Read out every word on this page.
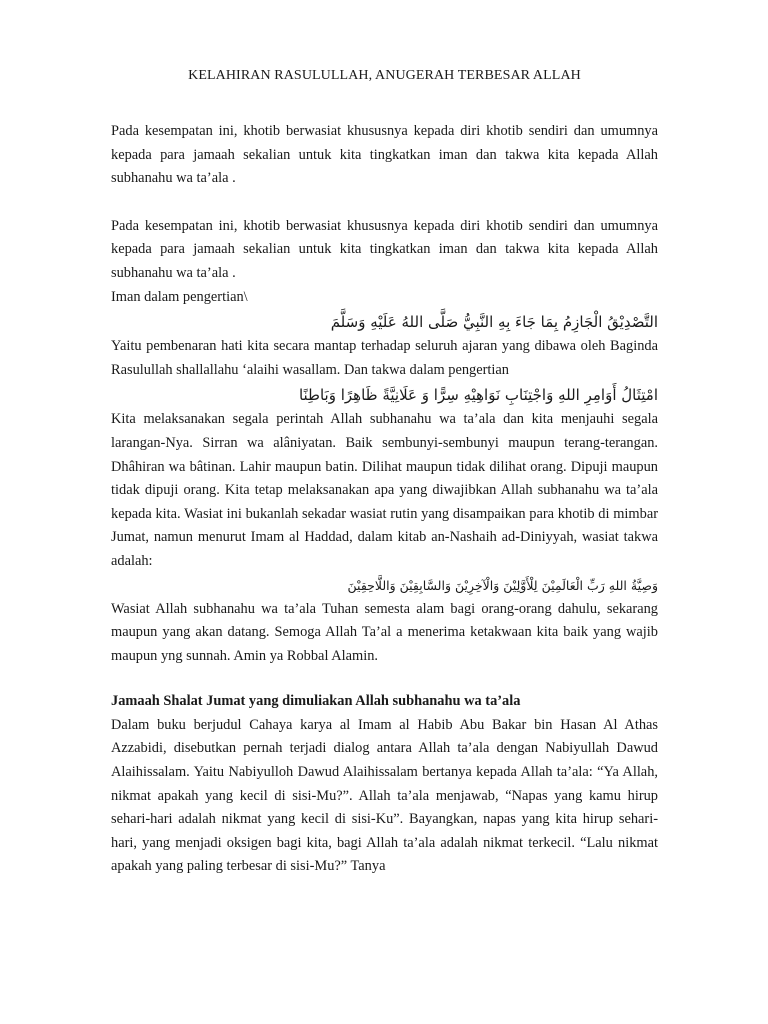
KELAHIRAN RASULULLAH, ANUGERAH TERBESAR ALLAH

Pada kesempatan ini, khotib berwasiat khususnya kepada diri khotib sendiri dan umumnya kepada para jamaah sekalian untuk kita tingkatkan iman dan takwa kita kepada Allah subhanahu wa ta’ala .

Pada kesempatan ini, khotib berwasiat khususnya kepada diri khotib sendiri dan umumnya kepada para jamaah sekalian untuk kita tingkatkan iman dan takwa kita kepada Allah subhanahu wa ta’ala .

Iman dalam pengertian\

التَّصْدِيْقُ الْجَازِمُ بِمَا جَاءَ بِهِ النَّبِيُّ صَلَّى اللهُ عَلَيْهِ وَسَلَّمَ

Yaitu pembenaran hati kita secara mantap terhadap seluruh ajaran yang dibawa oleh Baginda Rasulullah shallallahu ‘alaihi wasallam. Dan takwa dalam pengertian

امْتِثَالُ أَوَامِرِ اللهِ وَاجْتِنَابِ نَوَاهِيْهِ سِرًّا وَ عَلَانِيَّةً ظَاهِرًا وَبَاطِنًا

Kita melaksanakan segala perintah Allah subhanahu wa ta’ala dan kita menjauhi segala larangan-Nya. Sirran wa alâniyatan. Baik sembunyi-sembunyi maupun terang-terangan. Dhâhiran wa bâtinan. Lahir maupun batin. Dilihat maupun tidak dilihat orang. Dipuji maupun tidak dipuji orang. Kita tetap melaksanakan apa yang diwajibkan Allah subhanahu wa ta’ala kepada kita. Wasiat ini bukanlah sekadar wasiat rutin yang disampaikan para khotib di mimbar Jumat, namun menurut Imam al Haddad, dalam kitab an-Nashaih ad-Diniyyah, wasiat takwa adalah:

وَصِيَّةُ اللهِ رَبِّ الْعَالَمِيْنَ لِلْأَوَّلِيْنَ وَالْآخِرِيْنَ وَالسَّابِقِيْنَ وَاللَّاحِقِيْنَ

Wasiat Allah subhanahu wa ta’ala Tuhan semesta alam bagi orang-orang dahulu, sekarang maupun yang akan datang. Semoga Allah Ta’al a menerima ketakwaan kita baik yang wajib maupun yng sunnah. Amin ya Robbal Alamin.

Jamaah Shalat Jumat yang dimuliakan Allah subhanahu wa ta’ala

Dalam buku berjudul Cahaya karya al Imam al Habib Abu Bakar bin Hasan Al Athas Azzabidi, disebutkan pernah terjadi dialog antara Allah ta’ala dengan Nabiyullah Dawud Alaihissalam. Yaitu Nabiyulloh Dawud Alaihissalam bertanya kepada Allah ta’ala: “Ya Allah, nikmat apakah yang kecil di sisi-Mu?”. Allah ta’ala menjawab, “Napas yang kamu hirup sehari-hari adalah nikmat yang kecil di sisi-Ku”. Bayangkan, napas yang kita hirup sehari-hari, yang menjadi oksigen bagi kita, bagi Allah ta’ala adalah nikmat terkecil. “Lalu nikmat apakah yang paling terbesar di sisi-Mu?” Tanya
